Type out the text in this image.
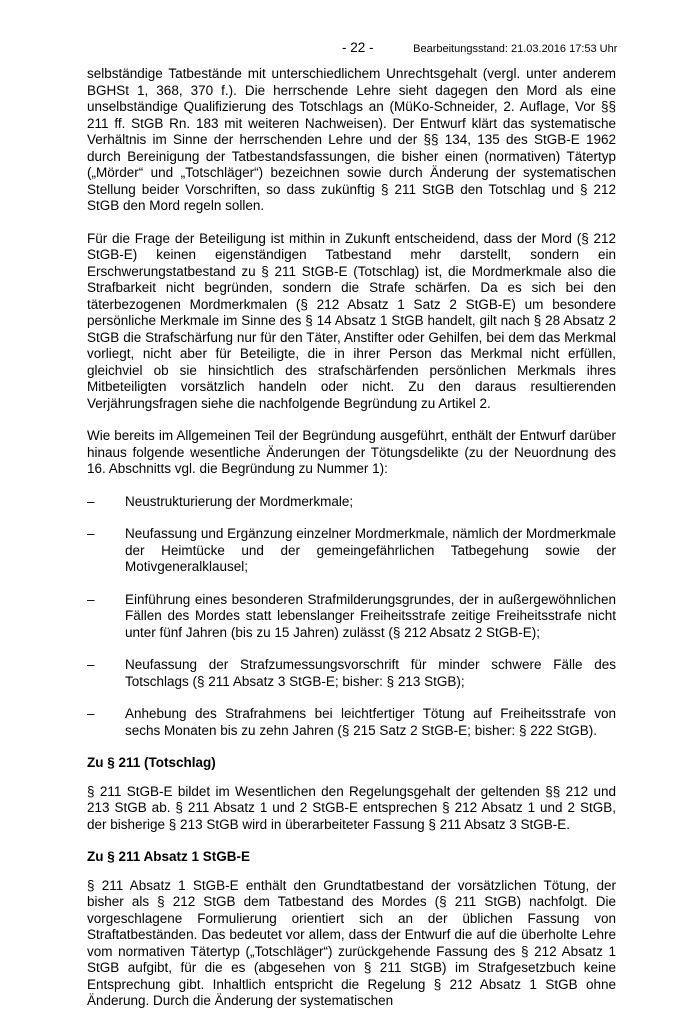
- 22 -	Bearbeitungsstand: 21.03.2016 17:53 Uhr

selbständige Tatbestände mit unterschiedlichem Unrechtsgehalt (vergl. unter anderem BGHSt 1, 368, 370 f.). Die herrschende Lehre sieht dagegen den Mord als eine unselbständige Qualifizierung des Totschlags an (MüKo-Schneider, 2. Auflage, Vor §§ 211 ff. StGB Rn. 183 mit weiteren Nachweisen). Der Entwurf klärt das systematische Verhältnis im Sinne der herrschenden Lehre und der §§ 134, 135 des StGB-E 1962 durch Bereinigung der Tatbestandsfassungen, die bisher einen (normativen) Tätertyp („Mörder“ und „Totschläger“) bezeichnen sowie durch Änderung der systematischen Stellung beider Vorschriften, so dass zukünftig § 211 StGB den Totschlag und § 212 StGB den Mord regeln sollen.

Für die Frage der Beteiligung ist mithin in Zukunft entscheidend, dass der Mord (§ 212 StGB-E) keinen eigenständigen Tatbestand mehr darstellt, sondern ein Erschwerungstatbestand zu § 211 StGB-E (Totschlag) ist, die Mordmerkmale also die Strafbarkeit nicht begründen, sondern die Strafe schärfen. Da es sich bei den täterbezogenen Mordmerkmalen (§ 212 Absatz 1 Satz 2 StGB-E) um besondere persönliche Merkmale im Sinne des § 14 Absatz 1 StGB handelt, gilt nach § 28 Absatz 2 StGB die Strafschärfung nur für den Täter, Anstifter oder Gehilfen, bei dem das Merkmal vorliegt, nicht aber für Beteiligte, die in ihrer Person das Merkmal nicht erfüllen, gleichviel ob sie hinsichtlich des strafschärfenden persönlichen Merkmals ihres Mitbeteiligten vorsätzlich handeln oder nicht. Zu den daraus resultierenden Verjährungsfragen siehe die nachfolgende Begründung zu Artikel 2.

Wie bereits im Allgemeinen Teil der Begründung ausgeführt, enthält der Entwurf darüber hinaus folgende wesentliche Änderungen der Tötungsdelikte (zu der Neuordnung des 16. Abschnitts vgl. die Begründung zu Nummer 1):

– Neustrukturierung der Mordmerkmale;
– Neufassung und Ergänzung einzelner Mordmerkmale, nämlich der Mordmerkmale der Heimtücke und der gemeingefährlichen Tatbegehung sowie der Motivgeneralklausel;
– Einführung eines besonderen Strafmilderungsgrundes, der in außergewöhnlichen Fällen des Mordes statt lebenslanger Freiheitsstrafe zeitige Freiheitsstrafe nicht unter fünf Jahren (bis zu 15 Jahren) zulässt (§ 212 Absatz 2 StGB-E);
– Neufassung der Strafzumessungsvorschrift für minder schwere Fälle des Totschlags (§ 211 Absatz 3 StGB-E; bisher: § 213 StGB);
– Anhebung des Strafrahmens bei leichtfertiger Tötung auf Freiheitsstrafe von sechs Monaten bis zu zehn Jahren (§ 215 Satz 2 StGB-E; bisher: § 222 StGB).
Zu § 211 (Totschlag)

§ 211 StGB-E bildet im Wesentlichen den Regelungsgehalt der geltenden §§ 212 und 213 StGB ab. § 211 Absatz 1 und 2 StGB-E entsprechen § 212 Absatz 1 und 2 StGB, der bisherige § 213 StGB wird in überarbeiteter Fassung § 211 Absatz 3 StGB-E.

Zu § 211 Absatz 1 StGB-E

§ 211 Absatz 1 StGB-E enthält den Grundtatbestand der vorsätzlichen Tötung, der bisher als § 212 StGB dem Tatbestand des Mordes (§ 211 StGB) nachfolgt. Die vorgeschlagene Formulierung orientiert sich an der üblichen Fassung von Straftatbeständen. Das bedeutet vor allem, dass der Entwurf die auf die überholte Lehre vom normativen Tätertyp („Totschläger“) zurückgehende Fassung des § 212 Absatz 1 StGB aufgibt, für die es (abgesehen von § 211 StGB) im Strafgesetzbuch keine Entsprechung gibt. Inhaltlich entspricht die Regelung § 212 Absatz 1 StGB ohne Änderung. Durch die Änderung der systematischen
